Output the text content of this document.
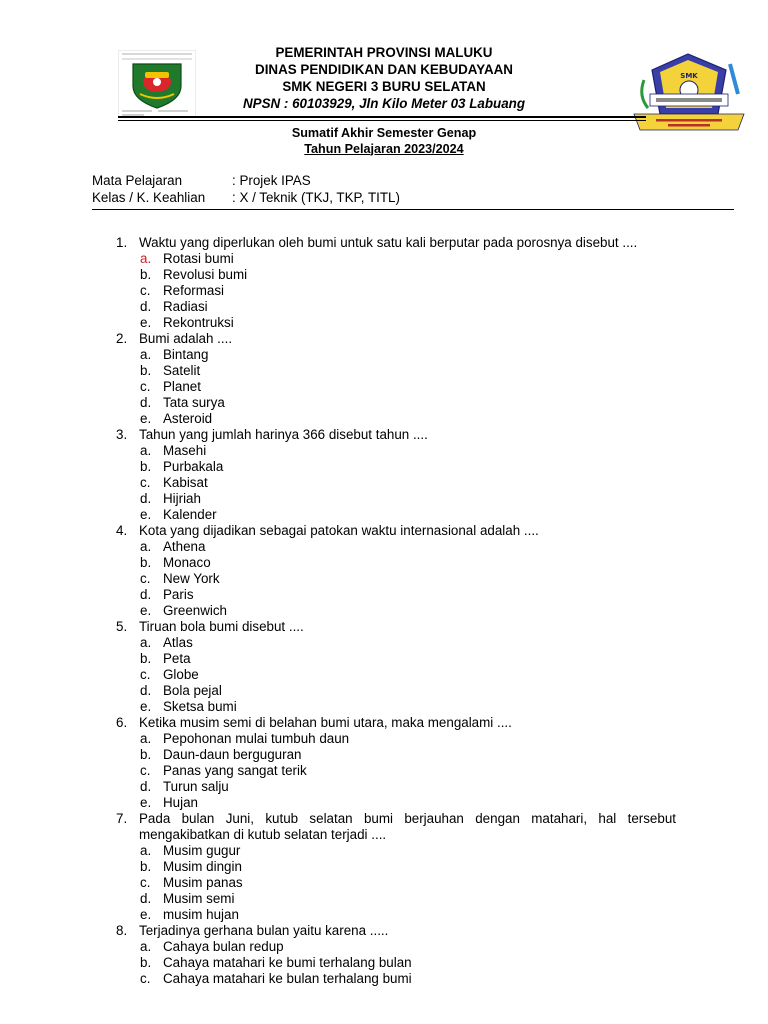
PEMERINTAH PROVINSI MALUKU
DINAS PENDIDIKAN DAN KEBUDAYAAN
SMK NEGERI 3 BURU SELATAN
NPSN : 60103929, Jln Kilo Meter 03 Labuang
SMK
Sumatif Akhir Semester Genap
Tahun Pelajaran 2023/2024
Mata Pelajaran	: Projek IPAS
Kelas / K. Keahlian	: X / Teknik (TKJ, TKP, TITL)
1. Waktu yang diperlukan oleh bumi untuk satu kali berputar pada porosnya disebut ....
a. Rotasi bumi
b. Revolusi bumi
c. Reformasi
d. Radiasi
e. Rekontruksi
2. Bumi adalah ....
a. Bintang
b. Satelit
c. Planet
d. Tata surya
e. Asteroid
3. Tahun yang jumlah harinya 366 disebut tahun ....
a. Masehi
b. Purbakala
c. Kabisat
d. Hijriah
e. Kalender
4. Kota yang dijadikan sebagai patokan waktu internasional adalah ....
a. Athena
b. Monaco
c. New York
d. Paris
e. Greenwich
5. Tiruan bola bumi disebut ....
a. Atlas
b. Peta
c. Globe
d. Bola pejal
e. Sketsa bumi
6. Ketika musim semi di belahan bumi utara, maka mengalami ....
a. Pepohonan mulai tumbuh daun
b. Daun-daun berguguran
c. Panas yang sangat terik
d. Turun salju
e. Hujan
7. Pada bulan Juni, kutub selatan bumi berjauhan dengan matahari, hal tersebut mengakibatkan di kutub selatan terjadi ....
a. Musim gugur
b. Musim dingin
c. Musim panas
d. Musim semi
e. musim hujan
8. Terjadinya gerhana bulan yaitu karena .....
a. Cahaya bulan redup
b. Cahaya matahari ke bumi terhalang bulan
c. Cahaya matahari ke bulan terhalang bumi
